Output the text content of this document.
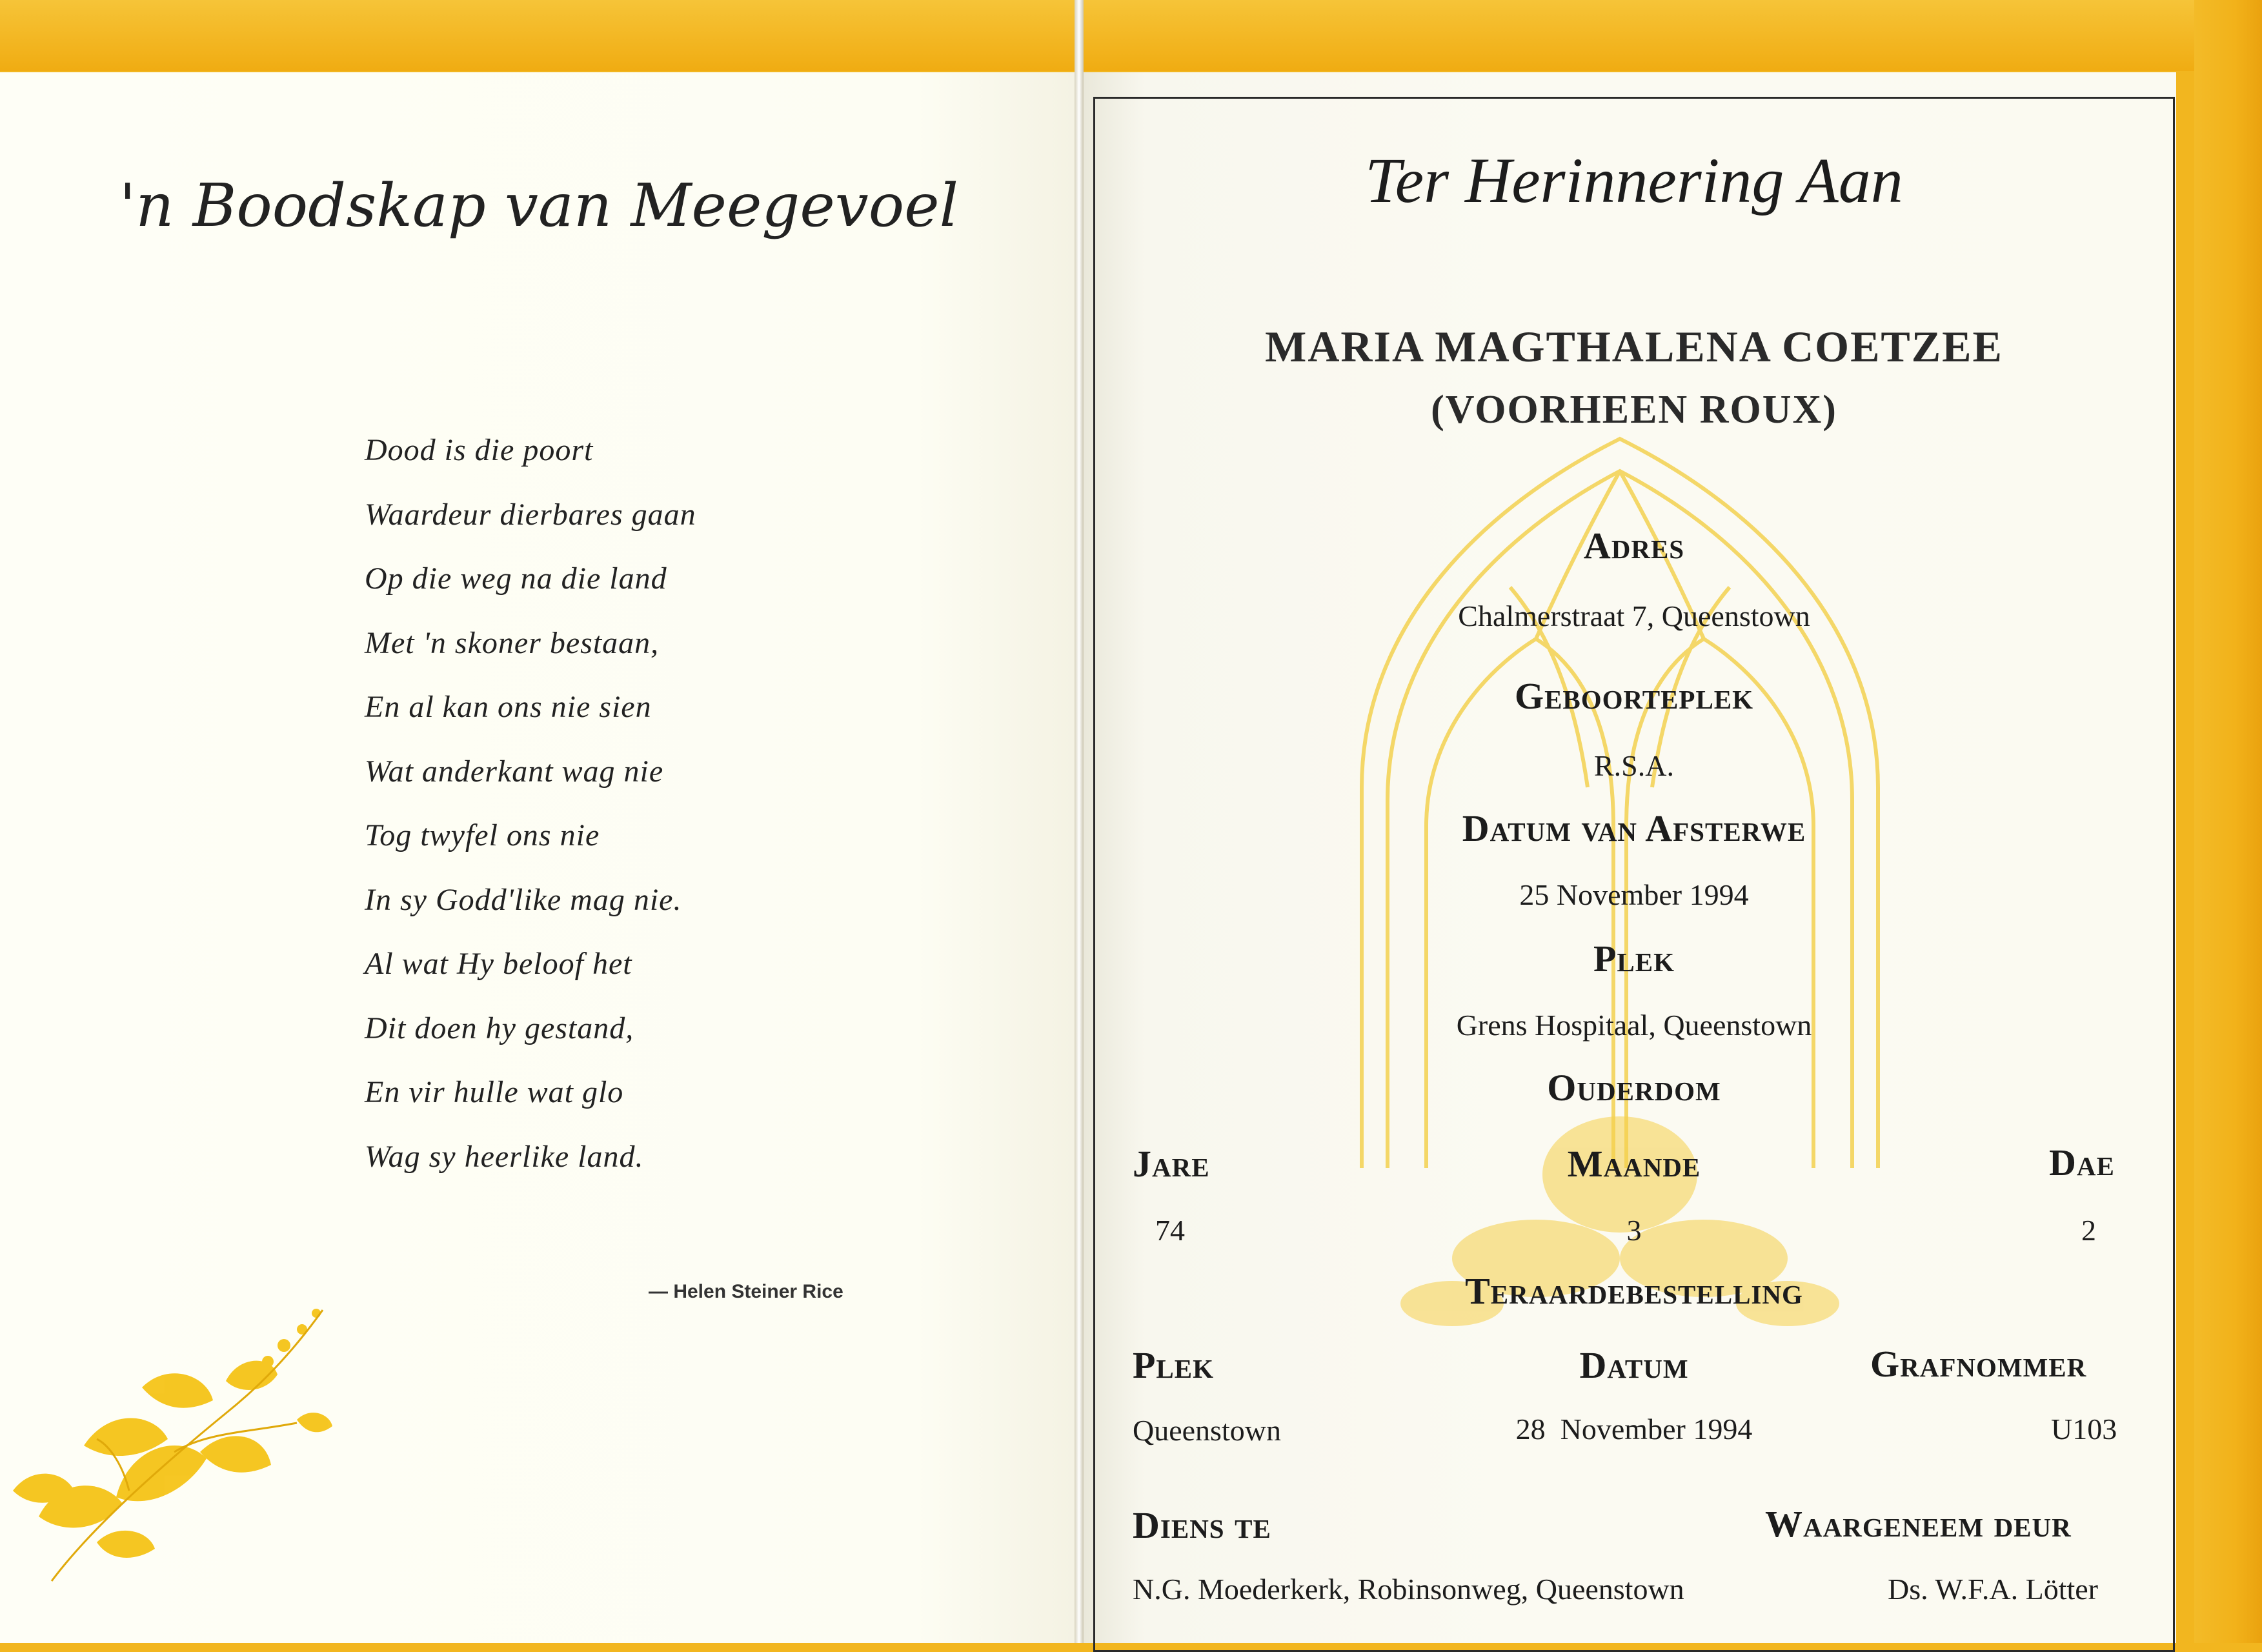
'n Boodskap van Meegevoel

Dood is die poort
Waardeur dierbares gaan
Op die weg na die land
Met 'n skoner bestaan,
En al kan ons nie sien
Wat anderkant wag nie
Tog twyfel ons nie
In sy Godd'like mag nie.
Al wat Hy beloof het
Dit doen hy gestand,
En vir hulle wat glo
Wag sy heerlike land.

— Helen Steiner Rice

Ter Herinnering Aan

MARIA MAGTHALENA COETZEE

(VOORHEEN ROUX)

Adres

Chalmerstraat 7, Queenstown

Geboorteplek

R.S.A.

Datum van Afsterwe

25 November 1994

Plek

Grens Hospitaal, Queenstown

Ouderdom

Jare	Maande	Dae

74	3	2

Teraardebestelling

Plek	Datum	Grafnommer

Queenstown	28  November 1994	U103

Diens te	Waargeneem deur

N.G. Moederkerk, Robinsonweg, Queenstown	Ds. W.F.A. Lötter
